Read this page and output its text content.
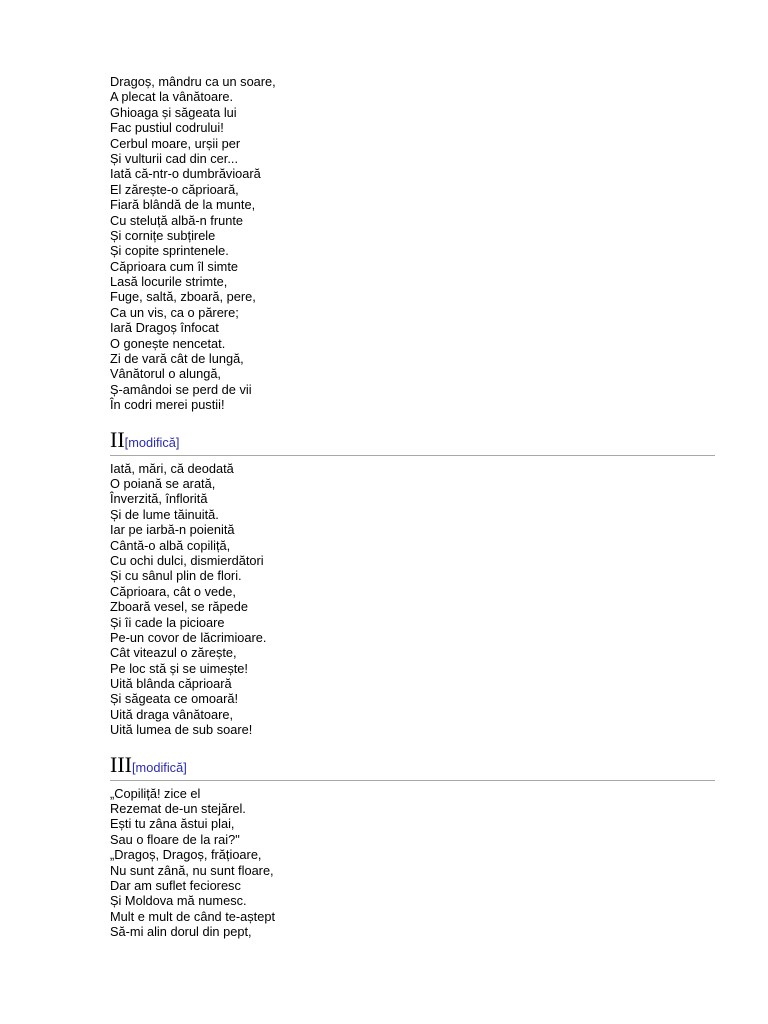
Dragoș, mândru ca un soare,
A plecat la vânătoare.
Ghioaga și săgeata lui
Fac pustiul codrului!
Cerbul moare, urșii per
Și vulturii cad din cer...
Iată că-ntr-o dumbrăvioară
El zărește-o căprioară,
Fiară blândă de la munte,
Cu steluță albă-n frunte
Și cornițe subțirele
Și copite sprintenele.
Căprioara cum îl simte
Lasă locurile strimte,
Fuge, saltă, zboară, pere,
Ca un vis, ca o părere;
Iară Dragoș înfocat
O gonește nencetat.
Zi de vară cât de lungă,
Vânătorul o alungă,
Ș-amândoi se perd de vii
În codri merei pustii!
II[modifică]
Iată, mări, că deodată
O poiană se arată,
Înverzită, înflorită
Și de lume tăinuită.
Iar pe iarbă-n poienită
Cântă-o albă copiliță,
Cu ochi dulci, dismierdători
Și cu sânul plin de flori.
Căprioara, cât o vede,
Zboară vesel, se răpede
Și îi cade la picioare
Pe-un covor de lăcrimioare.
Cât viteazul o zărește,
Pe loc stă și se uimește!
Uită blânda căprioară
Și săgeata ce omoară!
Uită draga vânătoare,
Uită lumea de sub soare!
III[modifică]
„Copiliță! zice el
Rezemat de-un stejărel.
Ești tu zâna ăstui plai,
Sau o floare de la rai?"
„Dragoș, Dragoș, frățioare,
Nu sunt zână, nu sunt floare,
Dar am suflet fecioresc
Și Moldova mă numesc.
Mult e mult de când te-aștept
Să-mi alin dorul din pept,
